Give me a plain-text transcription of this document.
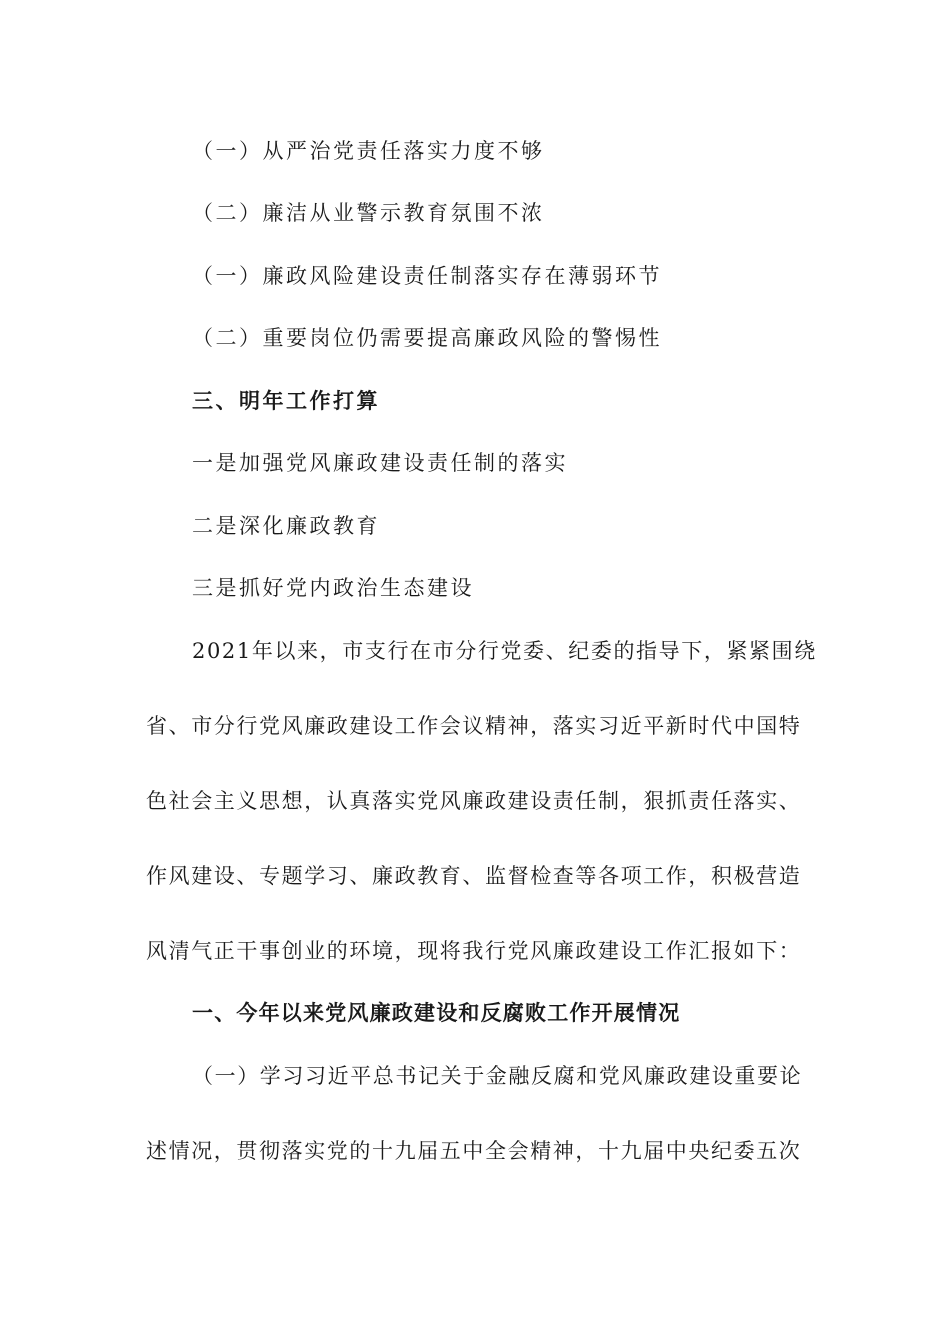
（一）从严治党责任落实力度不够
（二）廉洁从业警示教育氛围不浓
（一）廉政风险建设责任制落实存在薄弱环节
（二）重要岗位仍需要提高廉政风险的警惕性
三、明年工作打算
一是加强党风廉政建设责任制的落实
二是深化廉政教育
三是抓好党内政治生态建设
2021年以来，市支行在市分行党委、纪委的指导下，紧紧围绕
省、市分行党风廉政建设工作会议精神，落实习近平新时代中国特
色社会主义思想，认真落实党风廉政建设责任制，狠抓责任落实、
作风建设、专题学习、廉政教育、监督检查等各项工作，积极营造
风清气正干事创业的环境，现将我行党风廉政建设工作汇报如下：
一、今年以来党风廉政建设和反腐败工作开展情况
（一）学习习近平总书记关于金融反腐和党风廉政建设重要论
述情况，贯彻落实党的十九届五中全会精神，十九届中央纪委五次
